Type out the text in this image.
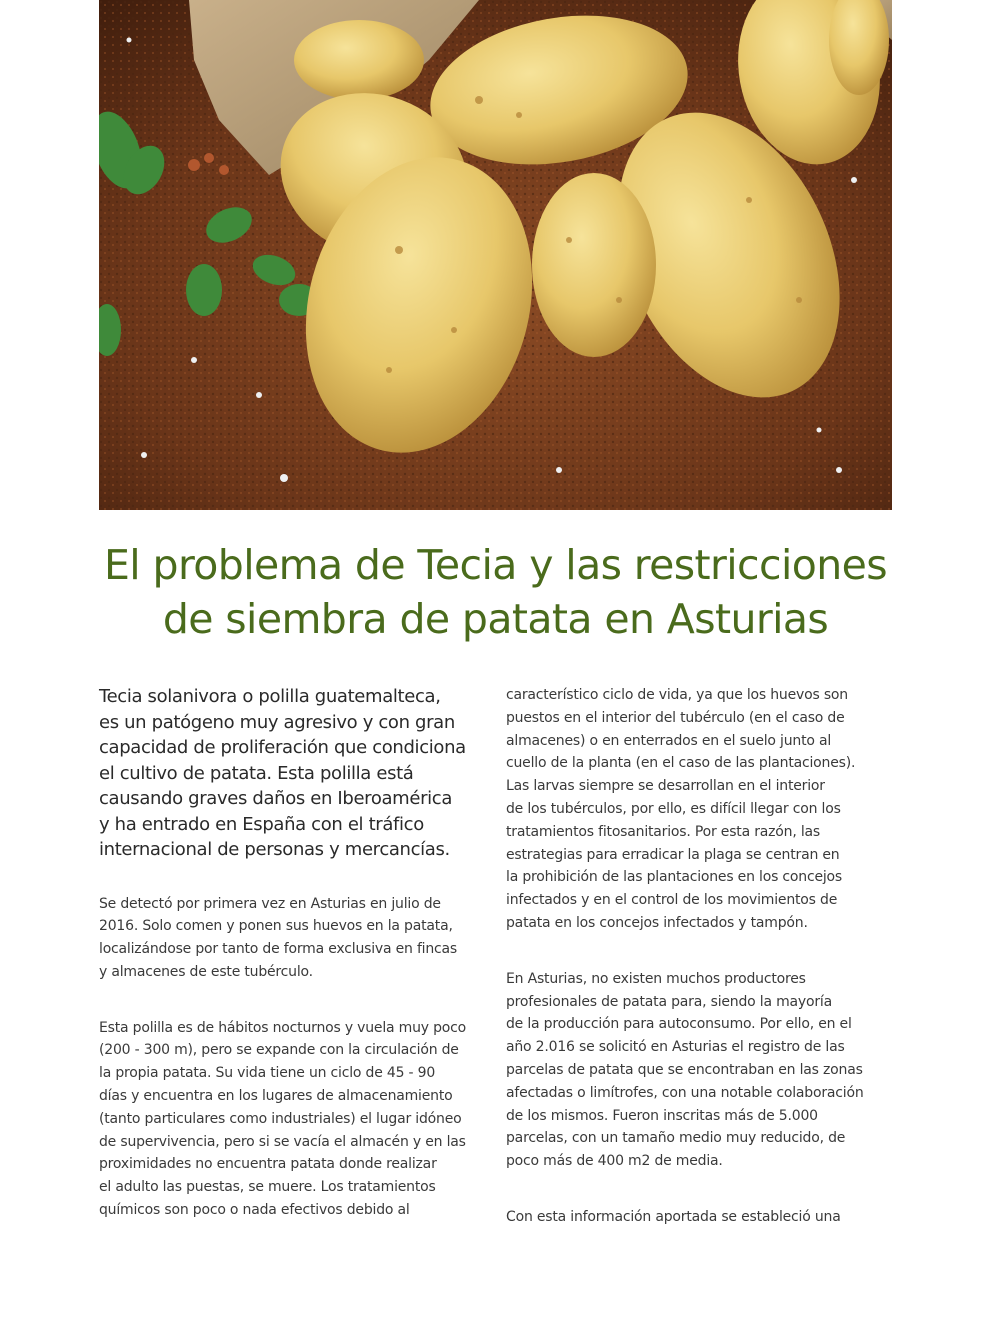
El problema de Tecia y las restricciones
de siembra de patata en Asturias

Tecia solanivora o polilla guatemalteca,
es un patógeno muy agresivo y con gran
capacidad de proliferación que condiciona
el cultivo de patata. Esta polilla está
causando graves daños en Iberoamérica
y ha entrado en España con el tráfico
internacional de personas y mercancías.

Se detectó por primera vez en Asturias en julio de
2016. Solo comen y ponen sus huevos en la patata,
localizándose por tanto de forma exclusiva en fincas
y almacenes de este tubérculo.

Esta polilla es de hábitos nocturnos y vuela muy poco
(200 - 300 m), pero se expande con la circulación de
la propia patata. Su vida tiene un ciclo de 45 - 90
días y encuentra en los lugares de almacenamiento
(tanto particulares como industriales) el lugar idóneo
de supervivencia, pero si se vacía el almacén y en las
proximidades no encuentra patata donde realizar
el adulto las puestas, se muere. Los tratamientos
químicos son poco o nada efectivos debido al

característico ciclo de vida, ya que los huevos son
puestos en el interior del tubérculo (en el caso de
almacenes) o en enterrados en el suelo junto al
cuello de la planta (en el caso de las plantaciones).
Las larvas siempre se desarrollan en el interior
de los tubérculos, por ello, es difícil llegar con los
tratamientos fitosanitarios. Por esta razón, las
estrategias para erradicar la plaga se centran en
la prohibición de las plantaciones en los concejos
infectados y en el control de los movimientos de
patata en los concejos infectados y tampón.

En Asturias, no existen muchos productores
profesionales de patata para, siendo la mayoría
de la producción para autoconsumo. Por ello, en el
año 2.016 se solicitó en Asturias el registro de las
parcelas de patata que se encontraban en las zonas
afectadas o limítrofes, con una notable colaboración
de los mismos. Fueron inscritas más de 5.000
parcelas, con un tamaño medio muy reducido, de
poco más de 400 m2 de media.

Con esta información aportada se estableció una
